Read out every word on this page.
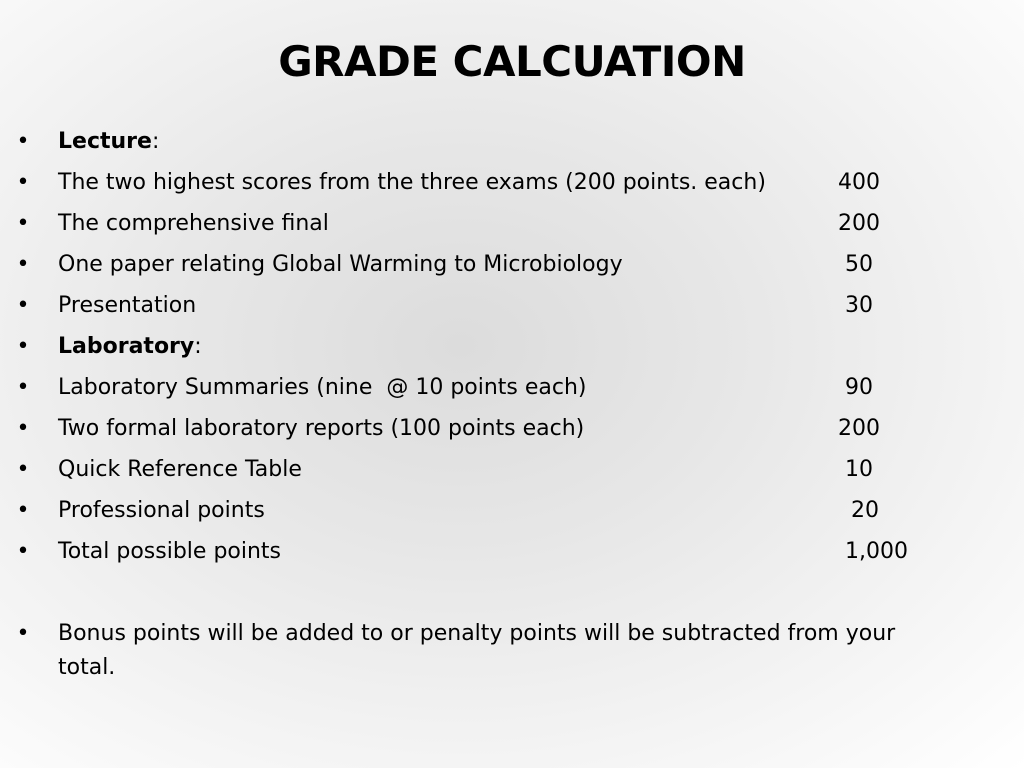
GRADE CALCUATION
• Lecture:
• The two highest scores from the three exams (200 points. each)	400
• The comprehensive final	200
• One paper relating Global Warming to Microbiology	50
• Presentation	30
• Laboratory:
• Laboratory Summaries (nine  @ 10 points each)	90
• Two formal laboratory reports (100 points each)	200
• Quick Reference Table	10
• Professional points	20
• Total possible points	1,000
• Bonus points will be added to or penalty points will be subtracted from your total.
